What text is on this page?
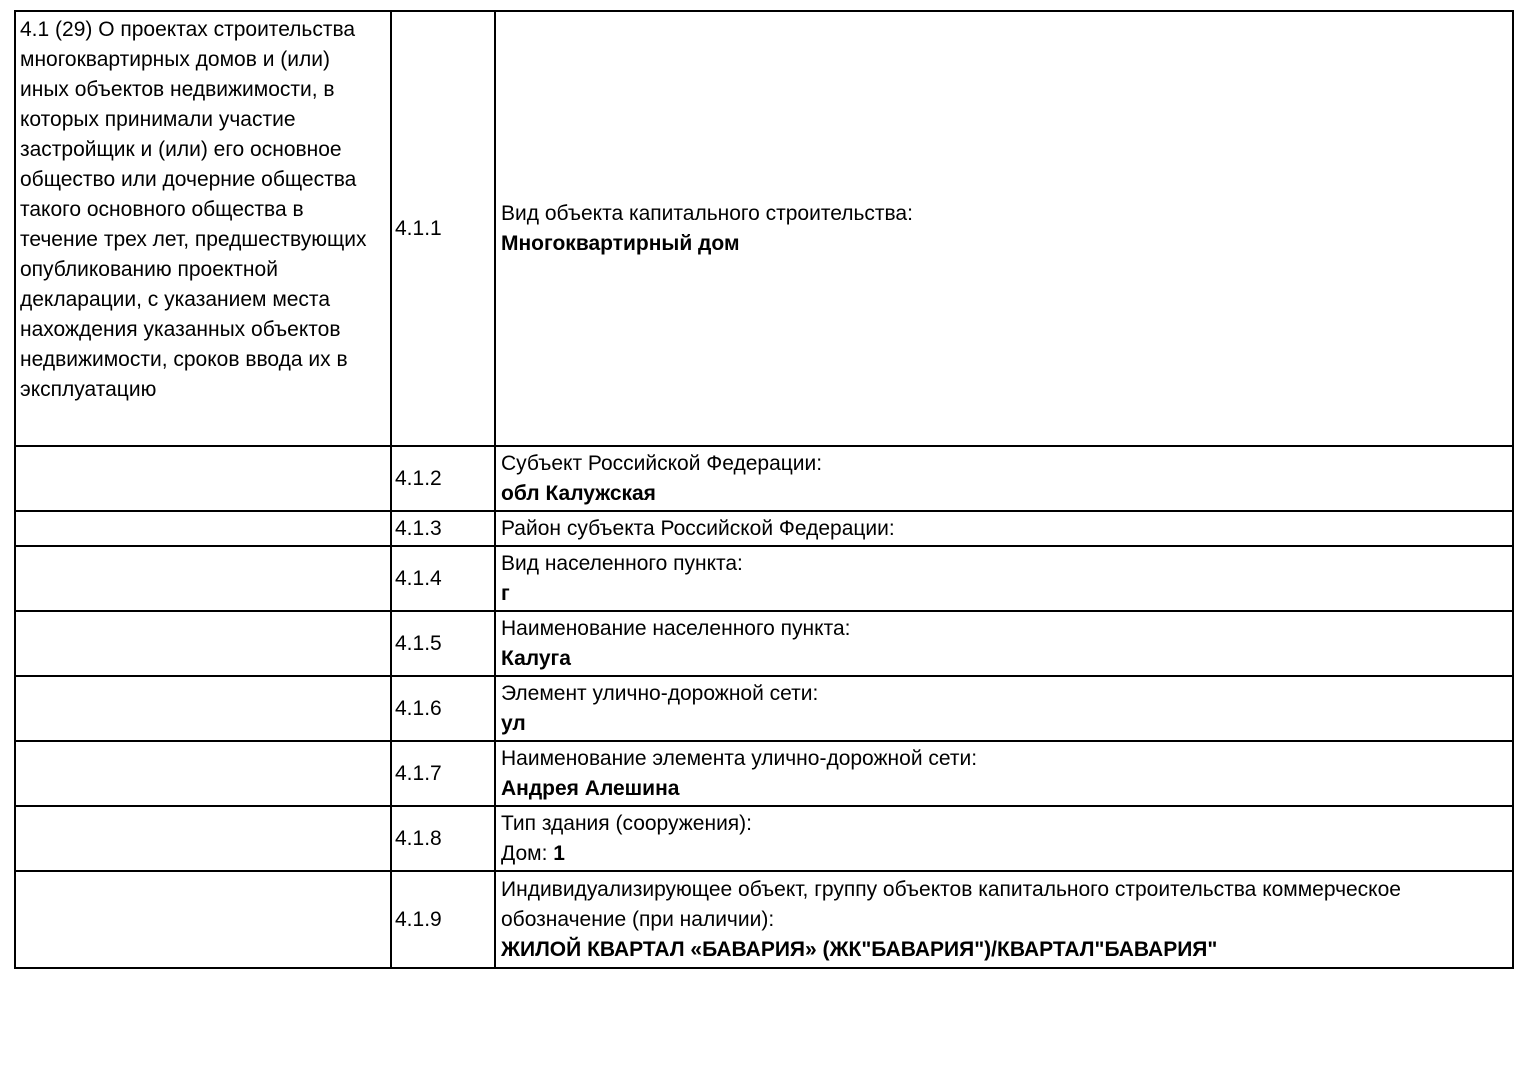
4.1 (29) О проектах строительства многоквартирных домов и (или) иных объектов недвижимости, в которых принимали участие застройщик и (или) его основное общество или дочерние общества такого основного общества в течение трех лет, предшествующих опубликованию проектной декларации, с указанием места нахождения указанных объектов недвижимости, сроков ввода их в эксплуатацию	4.1.1	Вид объекта капитального строительства:
Многоквартирный дом

	4.1.2	Субъект Российской Федерации:
обл Калужская

	4.1.3	Район субъекта Российской Федерации:

	4.1.4	Вид населенного пункта:
г

	4.1.5	Наименование населенного пункта:
Калуга

	4.1.6	Элемент улично-дорожной сети:
ул

	4.1.7	Наименование элемента улично-дорожной сети:
Андрея Алешина

	4.1.8	Тип здания (сооружения):
Дом: 1

	4.1.9	Индивидуализирующее объект, группу объектов капитального строительства коммерческое обозначение (при наличии):
ЖИЛОЙ КВАРТАЛ «БАВАРИЯ» (ЖК"БАВАРИЯ")/КВАРТАЛ"БАВАРИЯ"
